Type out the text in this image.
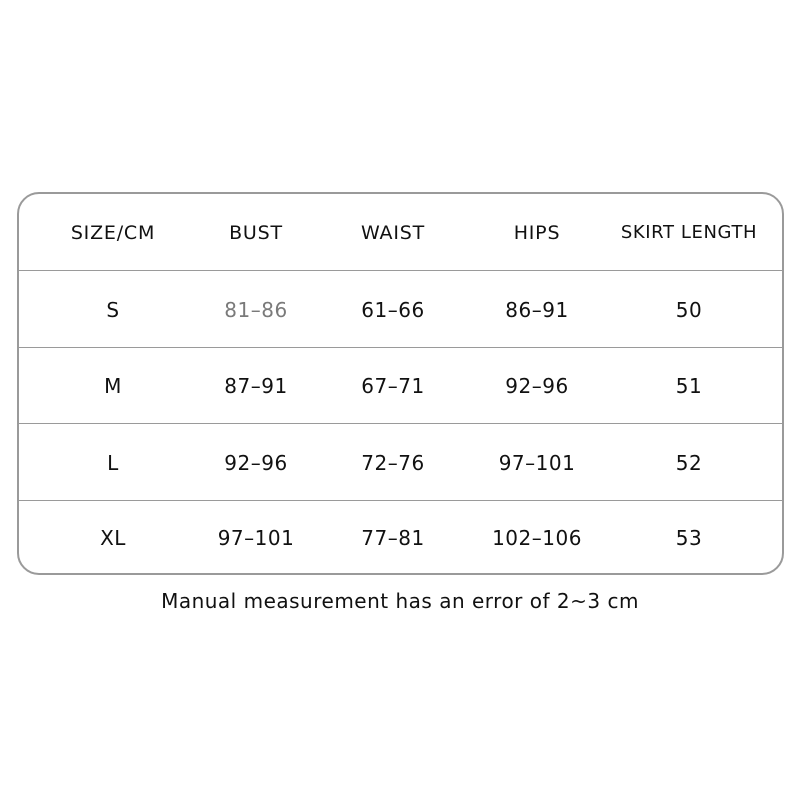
SIZE/CM	BUST	WAIST	HIPS	SKIRT LENGTH
S	81–86	61–66	86–91	50
M	87–91	67–71	92–96	51
L	92–96	72–76	97–101	52
XL	97–101	77–81	102–106	53
Manual measurement has an error of 2~3 cm
